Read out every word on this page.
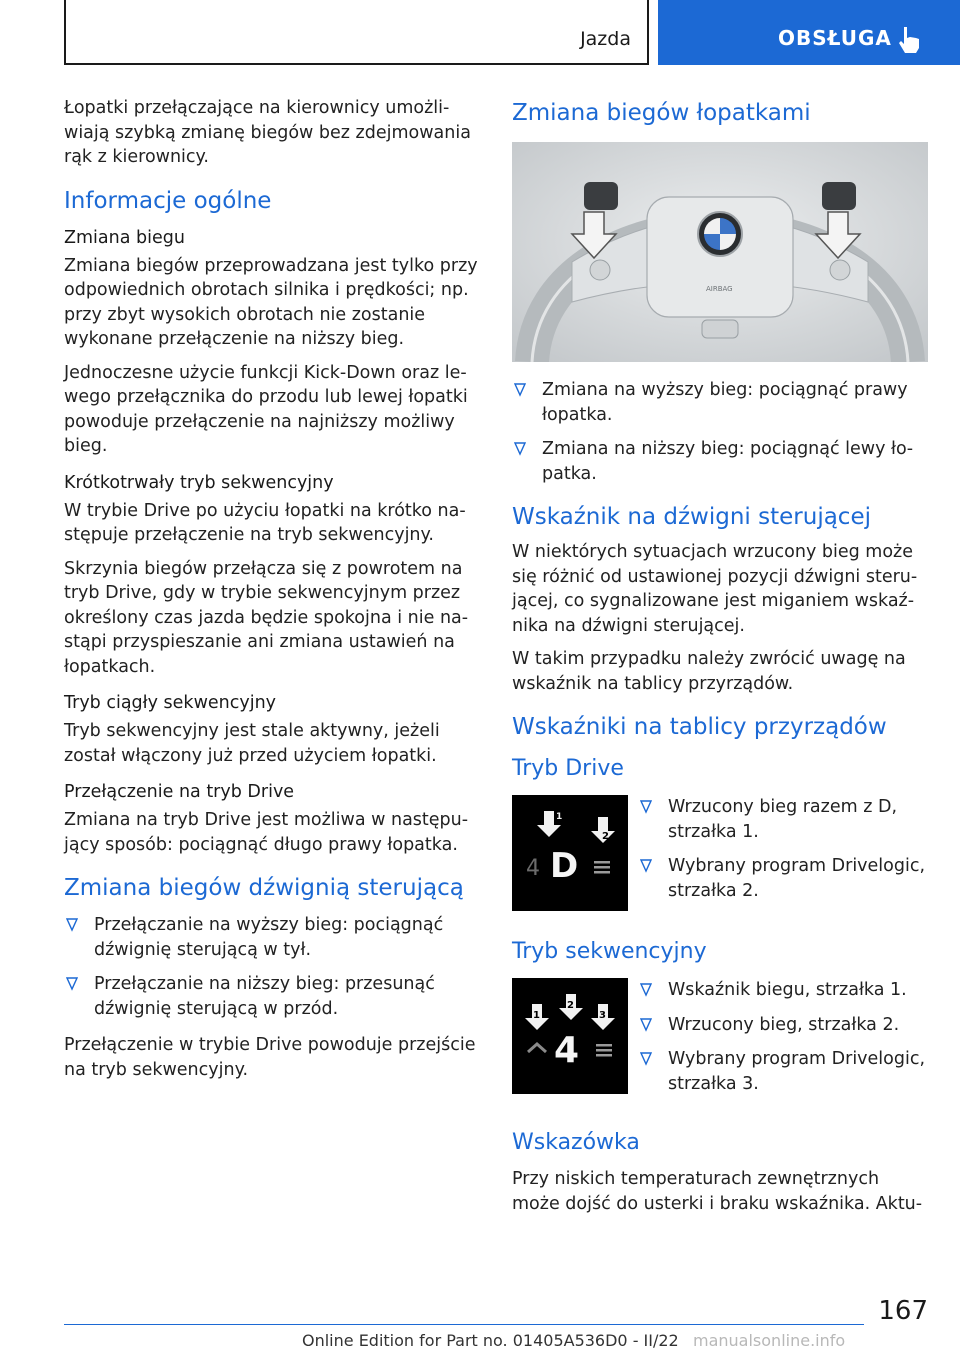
Jazda	OBSŁUGA

Łopatki przełączające na kierownicy umożli‐wiają szybką zmianę biegów bez zdejmowania rąk z kierownicy.

Informacje ogólne
Zmiana biegu

Zmiana biegów przeprowadzana jest tylko przy odpowiednich obrotach silnika i prędkości; np. przy zbyt wysokich obrotach nie zostanie wykonane przełączenie na niższy bieg.

Jednoczesne użycie funkcji Kick-Down oraz le‐wego przełącznika do przodu lub lewej łopatki powoduje przełączenie na najniższy możliwy bieg.

Krótkotrwały tryb sekwencyjny

W trybie Drive po użyciu łopatki na krótko na‐stępuje przełączenie na tryb sekwencyjny.

Skrzynia biegów przełącza się z powrotem na tryb Drive, gdy w trybie sekwencyjnym przez określony czas jazda będzie spokojna i nie na‐stąpi przyspieszanie ani zmiana ustawień na łopatkach.

Tryb ciągły sekwencyjny

Tryb sekwencyjny jest stale aktywny, jeżeli został włączony już przed użyciem łopatki.

Przełączenie na tryb Drive

Zmiana na tryb Drive jest możliwa w następu‐jący sposób: pociągnąć długo prawy łopatka.

Zmiana biegów dźwignią sterującą
Przełączanie na wyższy bieg: pociągnąć dźwignię sterującą w tył.
Przełączanie na niższy bieg: przesunąć dźwignię sterującą w przód.

Przełączenie w trybie Drive powoduje przejście na tryb sekwencyjny.

Zmiana biegów łopatkami
AIRBAG
Zmiana na wyższy bieg: pociągnąć prawy łopatka.
Zmiana na niższy bieg: pociągnąć lewy ło‐patka.
Wskaźnik na dźwigni sterującej

W niektórych sytuacjach wrzucony bieg może się różnić od ustawionej pozycji dźwigni steru‐jącej, co sygnalizowane jest miganiem wskaź‐nika na dźwigni sterującej.

W takim przypadku należy zwrócić uwagę na wskaźnik na tablicy przyrządów.

Wskaźniki na tablicy przyrządów
Tryb Drive
1
2
4 D
Wrzucony bieg razem z D, strzałka 1.
Wybrany program Drivelogic, strzałka 2.
Tryb sekwencyjny
1
2
3
4
Wskaźnik biegu, strzałka 1.
Wrzucony bieg, strzałka 2.
Wybrany program Drivelogic, strzałka 3.
Wskazówka

Przy niskich temperaturach zewnętrznych może dojść do usterki i braku wskaźnika. Aktu‐

167
Online Edition for Part no. 01405A536D0 - II/22 manualsonline.info
